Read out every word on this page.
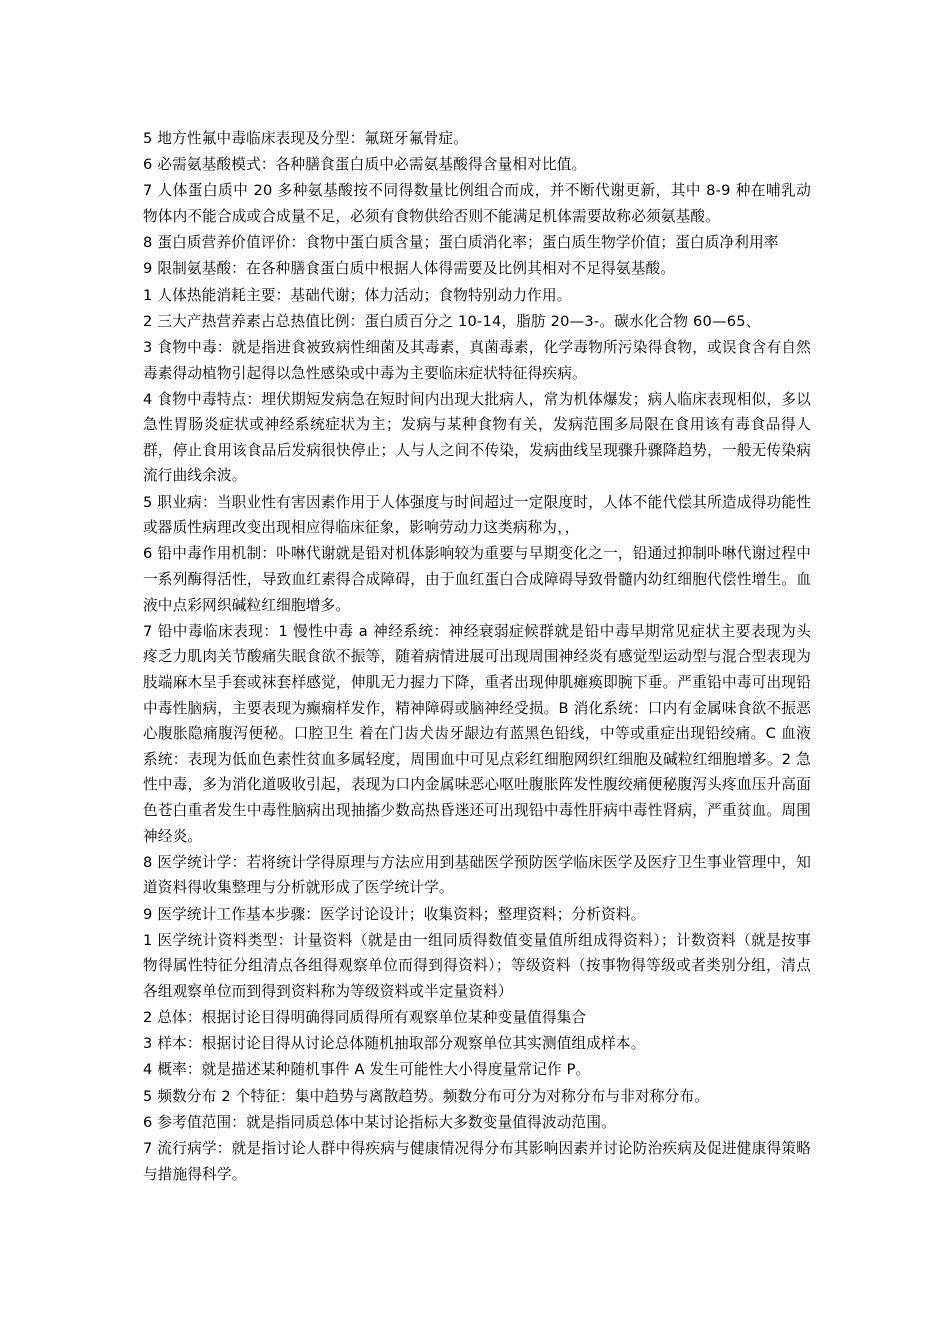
5 地方性氟中毒临床表现及分型：氟斑牙氟骨症。

6 必需氨基酸模式：各种膳食蛋白质中必需氨基酸得含量相对比值。

7 人体蛋白质中 20 多种氨基酸按不同得数量比例组合而成，并不断代谢更新，其中 8-9 种在哺乳动物体内不能合成或合成量不足，必须有食物供给否则不能满足机体需要故称必须氨基酸。

8 蛋白质营养价值评价：食物中蛋白质含量；蛋白质消化率；蛋白质生物学价值；蛋白质净利用率

9 限制氨基酸：在各种膳食蛋白质中根据人体得需要及比例其相对不足得氨基酸。

1 人体热能消耗主要：基础代谢；体力活动；食物特别动力作用。

2 三大产热营养素占总热值比例：蛋白质百分之 10-14，脂肪 20—3-。碳水化合物 60—65、

3 食物中毒：就是指进食被致病性细菌及其毒素，真菌毒素，化学毒物所污染得食物，或误食含有自然毒素得动植物引起得以急性感染或中毒为主要临床症状特征得疾病。

4 食物中毒特点：埋伏期短发病急在短时间内出现大批病人，常为机体爆发；病人临床表现相似，多以急性胃肠炎症状或神经系统症状为主；发病与某种食物有关，发病范围多局限在食用该有毒食品得人群，停止食用该食品后发病很快停止；人与人之间不传染，发病曲线呈现骤升骤降趋势，一般无传染病流行曲线余波。

5 职业病：当职业性有害因素作用于人体强度与时间超过一定限度时，人体不能代偿其所造成得功能性或器质性病理改变出现相应得临床征象，影响劳动力这类病称为，，

6 铅中毒作用机制：卟啉代谢就是铅对机体影响较为重要与早期变化之一，铅通过抑制卟啉代谢过程中一系列酶得活性，导致血红素得合成障碍，由于血红蛋白合成障碍导致骨髓内幼红细胞代偿性增生。血液中点彩网织碱粒红细胞增多。

7 铅中毒临床表现：1 慢性中毒 a 神经系统：神经衰弱症候群就是铅中毒早期常见症状主要表现为头疼乏力肌肉关节酸痛失眠食欲不振等，随着病情进展可出现周围神经炎有感觉型运动型与混合型表现为肢端麻木呈手套或袜套样感觉，伸肌无力握力下降，重者出现伸肌瘫痪即腕下垂。严重铅中毒可出现铅中毒性脑病，主要表现为癫痫样发作，精神障碍或脑神经受损。B 消化系统：口内有金属味食欲不振恶心腹胀隐痛腹泻便秘。口腔卫生 着在门齿犬齿牙龈边有蓝黑色铅线，中等或重症出现铅绞痛。C 血液系统：表现为低血色素性贫血多属轻度，周围血中可见点彩红细胞网织红细胞及碱粒红细胞增多。2 急性中毒，多为消化道吸收引起，表现为口内金属味恶心呕吐腹胀阵发性腹绞痛便秘腹泻头疼血压升高面色苍白重者发生中毒性脑病出现抽搐少数高热昏迷还可出现铅中毒性肝病中毒性肾病，严重贫血。周围神经炎。

8 医学统计学：若将统计学得原理与方法应用到基础医学预防医学临床医学及医疗卫生事业管理中，知道资料得收集整理与分析就形成了医学统计学。

9 医学统计工作基本步骤：医学讨论设计；收集资料；整理资料；分析资料。

1 医学统计资料类型：计量资料（就是由一组同质得数值变量值所组成得资料）；计数资料（就是按事物得属性特征分组清点各组得观察单位而得到得资料）；等级资料（按事物得等级或者类别分组，清点各组观察单位而到得到资料称为等级资料或半定量资料）

2 总体：根据讨论目得明确得同质得所有观察单位某种变量值得集合

3 样本：根据讨论目得从讨论总体随机抽取部分观察单位其实测值组成样本。

4 概率：就是描述某种随机事件 A 发生可能性大小得度量常记作 P。

5 频数分布 2 个特征：集中趋势与离散趋势。频数分布可分为对称分布与非对称分布。

6 参考值范围：就是指同质总体中某讨论指标大多数变量值得波动范围。

7 流行病学：就是指讨论人群中得疾病与健康情况得分布其影响因素并讨论防治疾病及促进健康得策略与措施得科学。
